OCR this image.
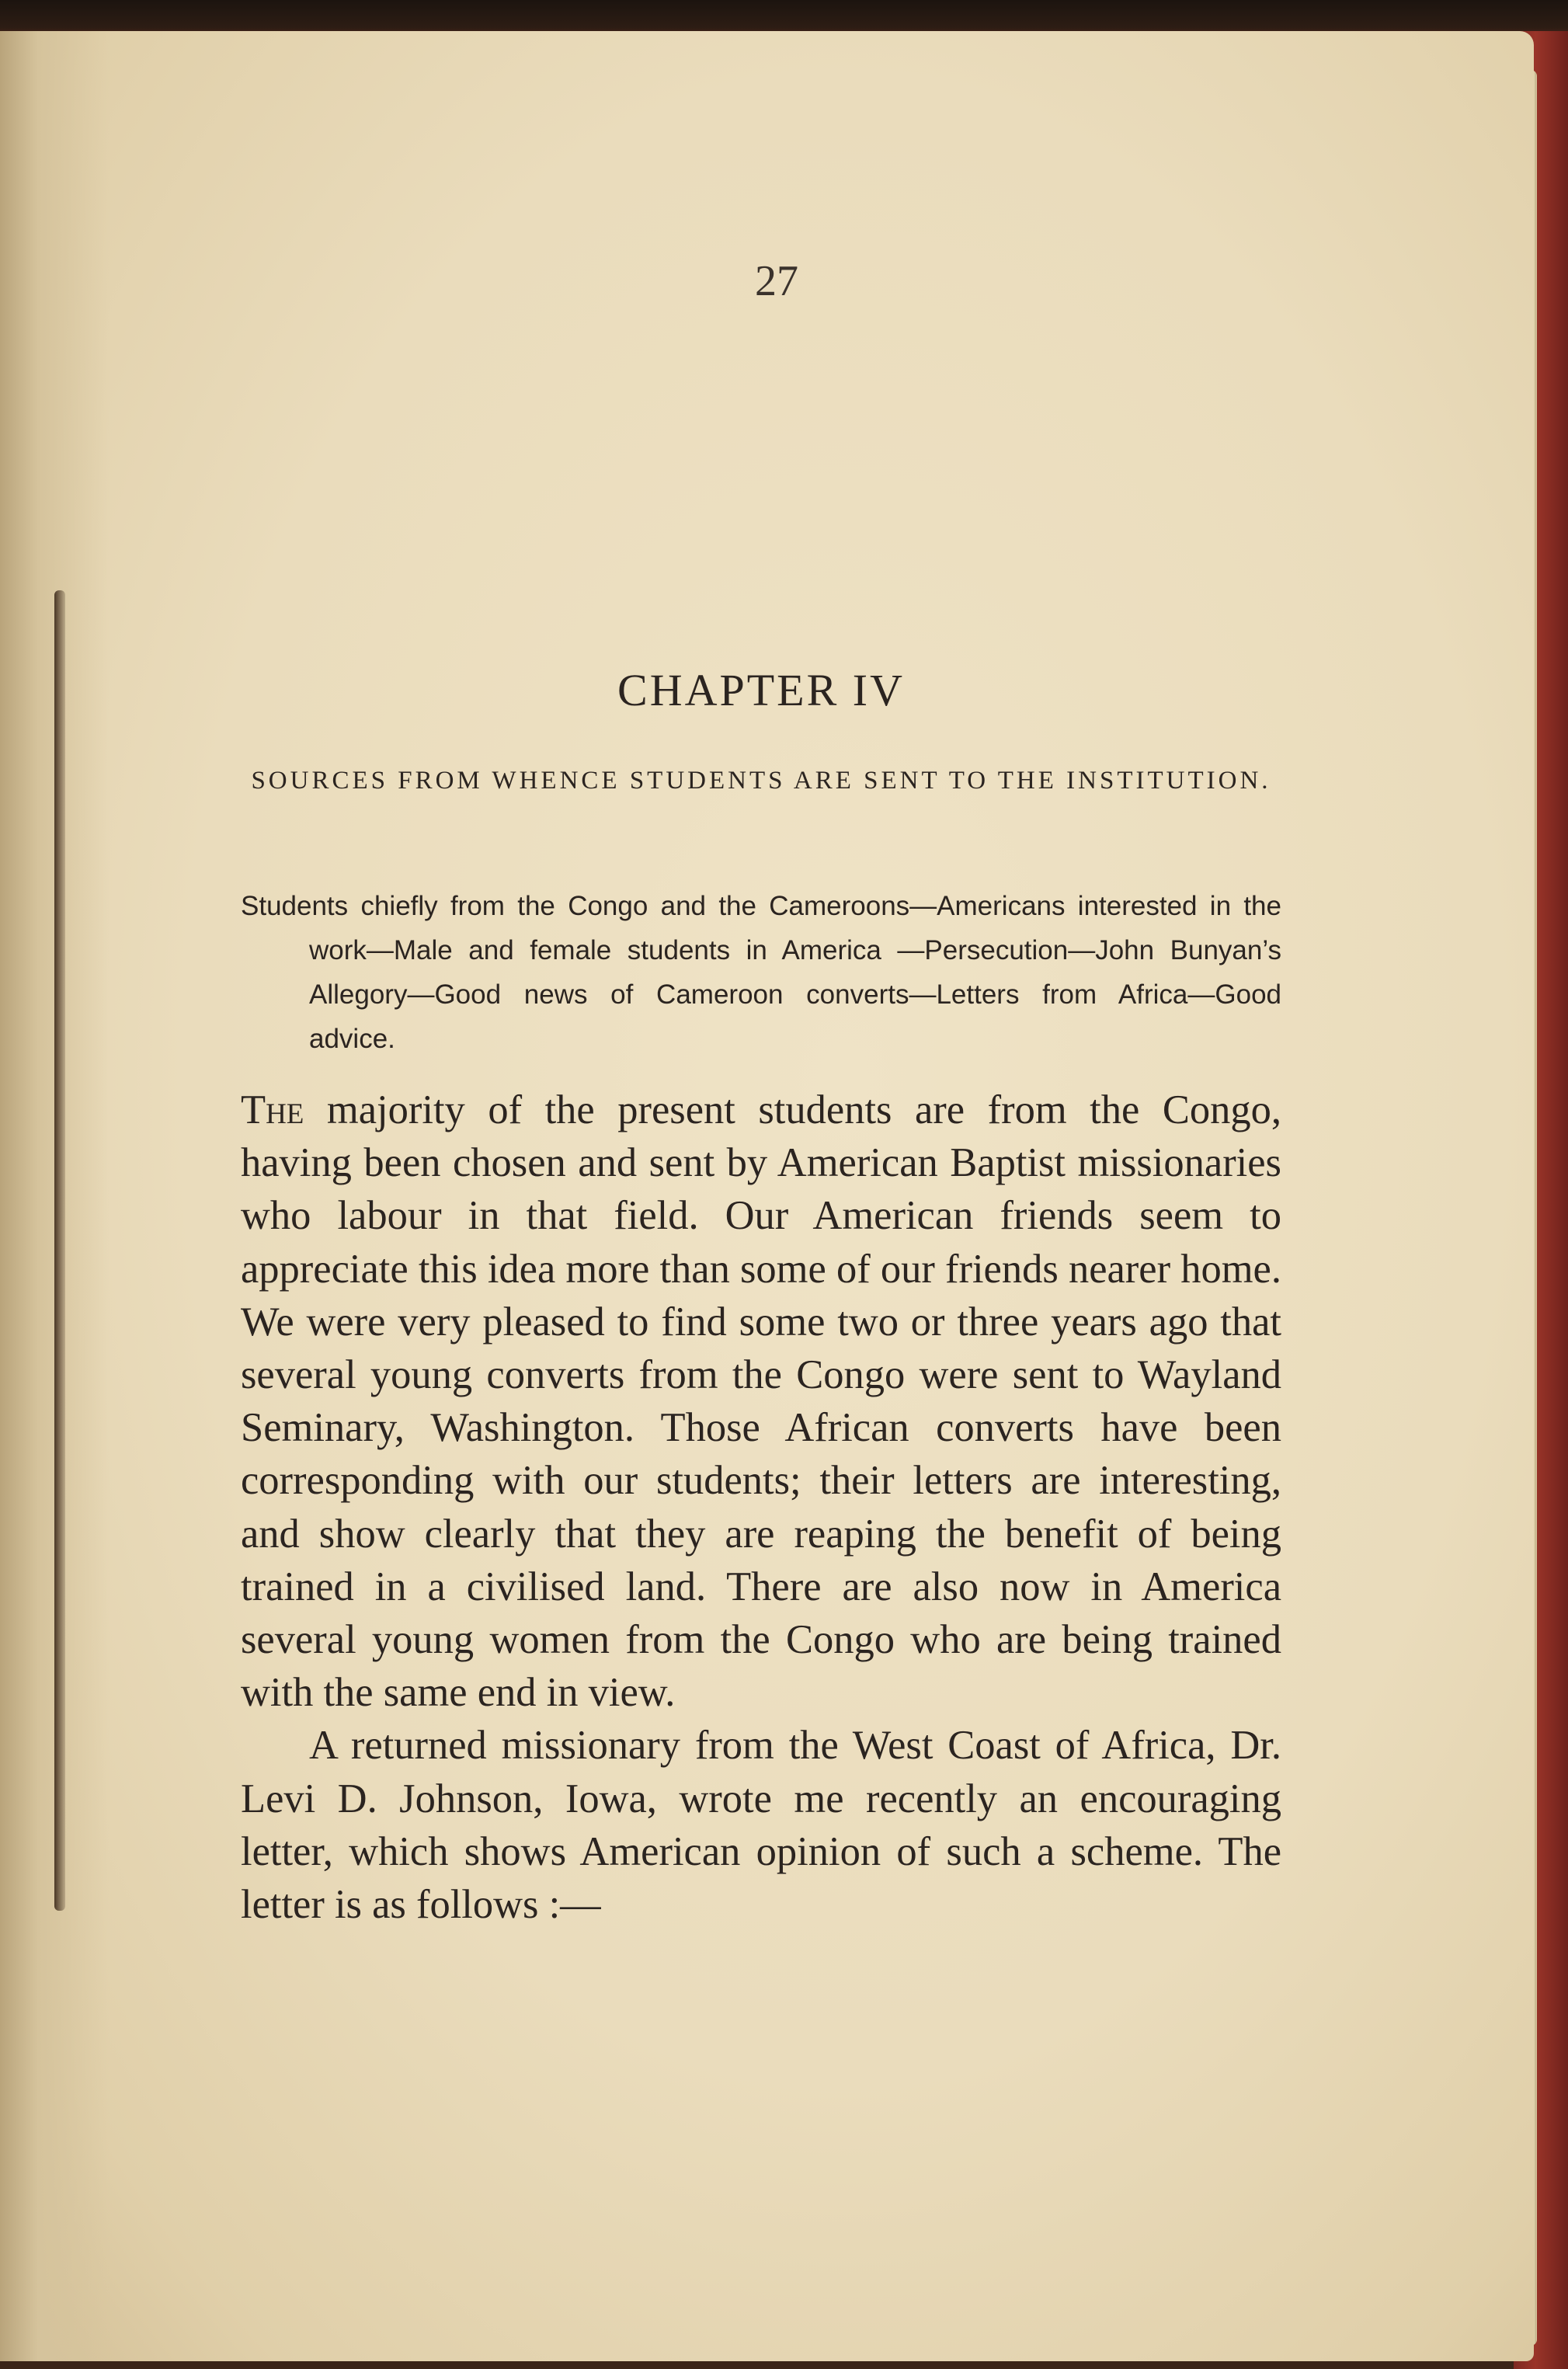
27
CHAPTER IV
SOURCES FROM WHENCE STUDENTS ARE SENT TO THE INSTITUTION.
Students chiefly from the Congo and the Cameroons—Americans interested in the work—Male and female students in America —Persecution—John Bunyan’s Allegory—Good news of Cameroon converts—Letters from Africa—Good advice.

The majority of the present students are from the Congo, having been chosen and sent by American Baptist missionaries who labour in that field. Our American friends seem to appreciate this idea more than some of our friends nearer home. We were very pleased to find some two or three years ago that several young converts from the Congo were sent to Wayland Seminary, Washington. Those African converts have been corresponding with our students; their letters are interesting, and show clearly that they are reaping the benefit of being trained in a civilised land. There are also now in America several young women from the Congo who are being trained with the same end in view.

A returned missionary from the West Coast of Africa, Dr. Levi D. Johnson, Iowa, wrote me recently an encouraging letter, which shows American opinion of such a scheme. The letter is as follows :—
